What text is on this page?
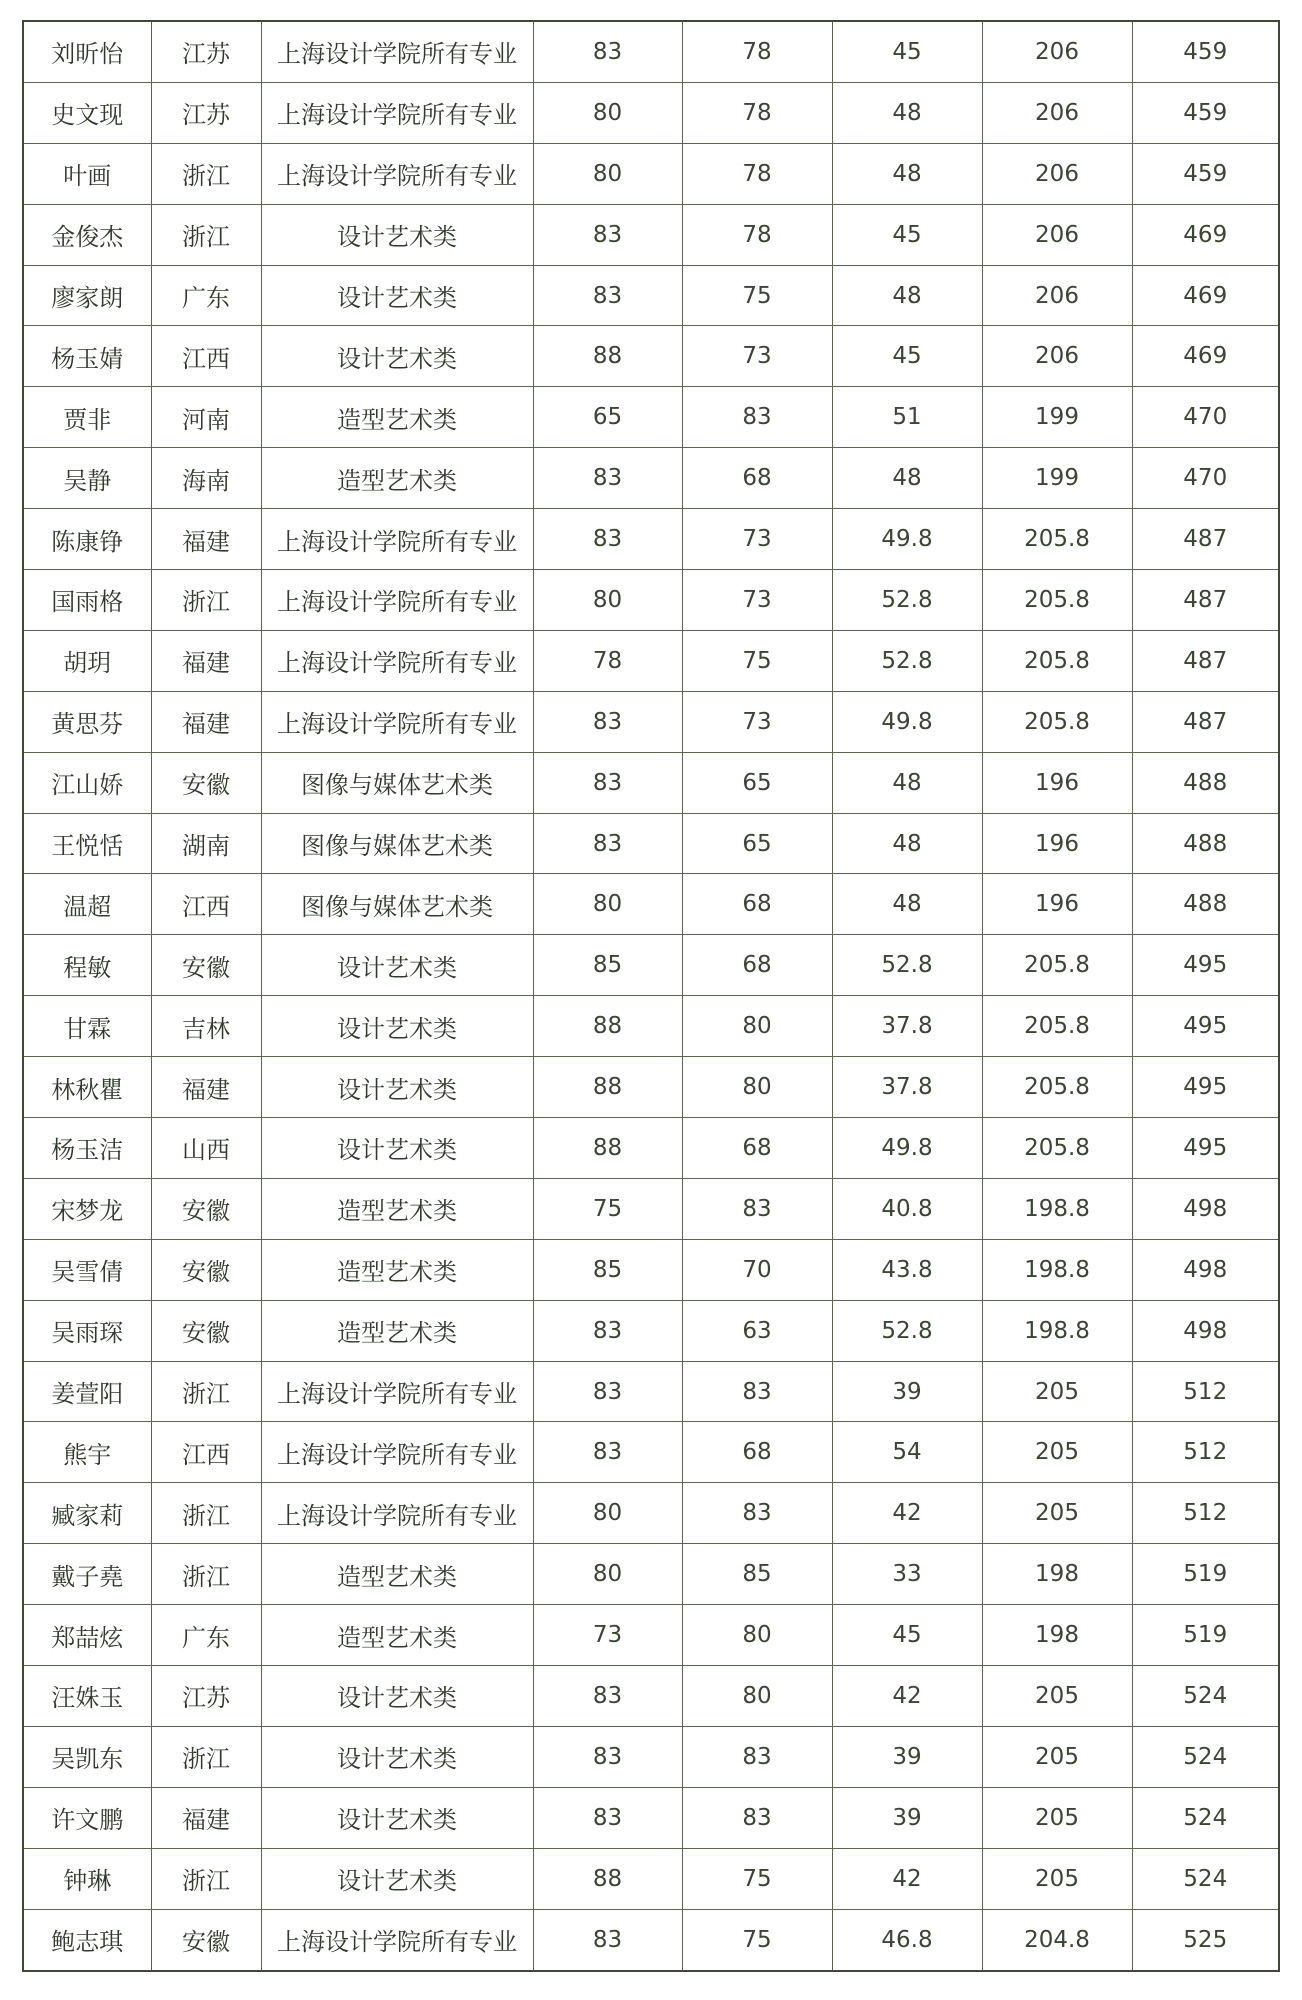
刘昕怡	江苏	上海设计学院所有专业	83	78	45	206	459
史文现	江苏	上海设计学院所有专业	80	78	48	206	459
叶画	浙江	上海设计学院所有专业	80	78	48	206	459
金俊杰	浙江	设计艺术类	83	78	45	206	469
廖家朗	广东	设计艺术类	83	75	48	206	469
杨玉婧	江西	设计艺术类	88	73	45	206	469
贾非	河南	造型艺术类	65	83	51	199	470
吴静	海南	造型艺术类	83	68	48	199	470
陈康铮	福建	上海设计学院所有专业	83	73	49.8	205.8	487
国雨格	浙江	上海设计学院所有专业	80	73	52.8	205.8	487
胡玥	福建	上海设计学院所有专业	78	75	52.8	205.8	487
黄思芬	福建	上海设计学院所有专业	83	73	49.8	205.8	487
江山娇	安徽	图像与媒体艺术类	83	65	48	196	488
王悦恬	湖南	图像与媒体艺术类	83	65	48	196	488
温超	江西	图像与媒体艺术类	80	68	48	196	488
程敏	安徽	设计艺术类	85	68	52.8	205.8	495
甘霖	吉林	设计艺术类	88	80	37.8	205.8	495
林秋瞿	福建	设计艺术类	88	80	37.8	205.8	495
杨玉洁	山西	设计艺术类	88	68	49.8	205.8	495
宋梦龙	安徽	造型艺术类	75	83	40.8	198.8	498
吴雪倩	安徽	造型艺术类	85	70	43.8	198.8	498
吴雨琛	安徽	造型艺术类	83	63	52.8	198.8	498
姜萱阳	浙江	上海设计学院所有专业	83	83	39	205	512
熊宇	江西	上海设计学院所有专业	83	68	54	205	512
臧家莉	浙江	上海设计学院所有专业	80	83	42	205	512
戴子堯	浙江	造型艺术类	80	85	33	198	519
郑喆炫	广东	造型艺术类	73	80	45	198	519
汪姝玉	江苏	设计艺术类	83	80	42	205	524
吴凯东	浙江	设计艺术类	83	83	39	205	524
许文鹏	福建	设计艺术类	83	83	39	205	524
钟琳	浙江	设计艺术类	88	75	42	205	524
鲍志琪	安徽	上海设计学院所有专业	83	75	46.8	204.8	525
